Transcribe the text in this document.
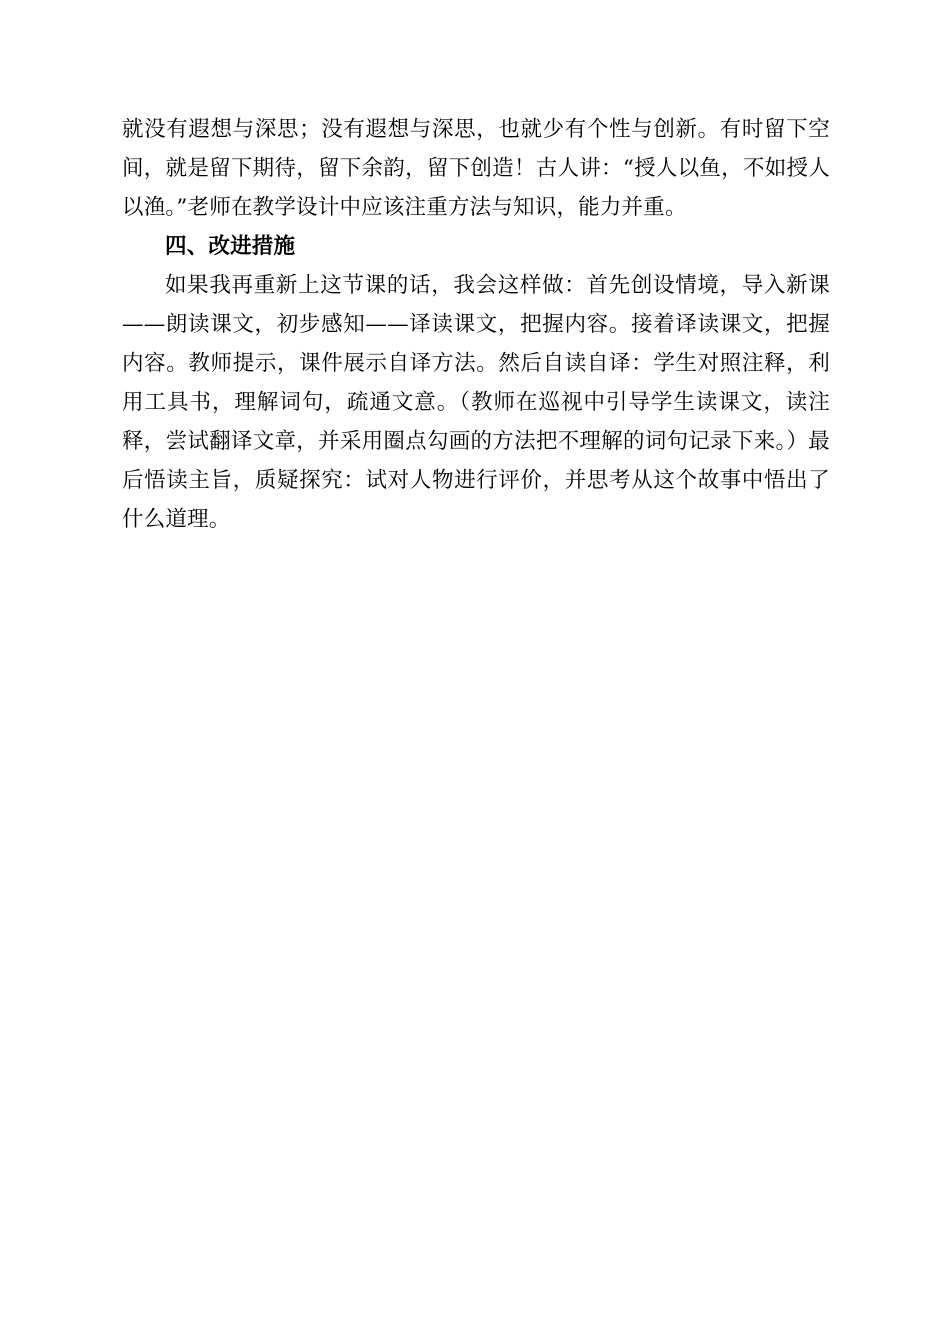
就没有遐想与深思；没有遐想与深思，也就少有个性与创新。有时留下空间，就是留下期待，留下余韵，留下创造！古人讲：“授人以鱼，不如授人以渔。”老师在教学设计中应该注重方法与知识，能力并重。

四、改进措施

如果我再重新上这节课的话，我会这样做：首先创设情境，导入新课——朗读课文，初步感知——译读课文，把握内容。接着译读课文，把握内容。教师提示，课件展示自译方法。然后自读自译：学生对照注释，利用工具书，理解词句，疏通文意。（教师在巡视中引导学生读课文，读注释，尝试翻译文章，并采用圈点勾画的方法把不理解的词句记录下来。）最后悟读主旨，质疑探究：试对人物进行评价，并思考从这个故事中悟出了什么道理。
